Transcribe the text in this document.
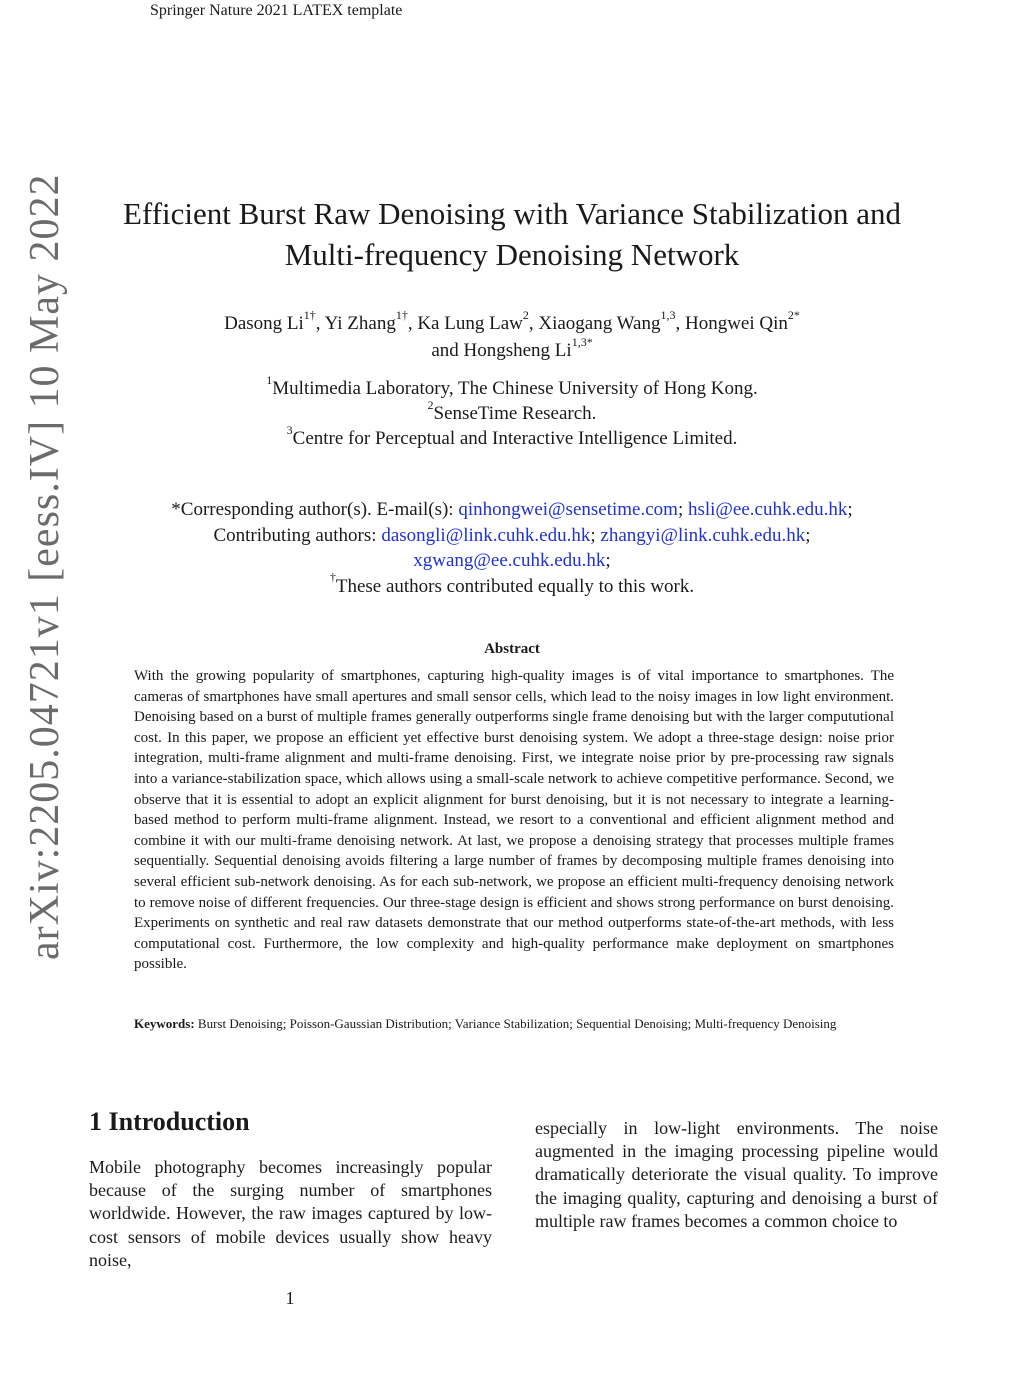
Springer Nature 2021 LATEX template
arXiv:2205.04721v1 [eess.IV] 10 May 2022	Efficient Burst Raw Denoising with Variance Stabilization and
Multi-frequency Denoising Network
Dasong $Li^{1\dagger}$, Yi Zhang$^{1\dagger}$, Ka Lung Law$^2$, Xiaogang Wang$^{1,3}$, Hongwei Qin$^{2*}$
and Hongsheng $Li^{1,3*}$
$^1$Multimedia Laboratory, The Chinese University of Hong Kong.
$^2$SenseTime Research.
$^3$Centre for Perceptual and Interactive Intelligence Limited.
*Corresponding author(s). E-mail(s): qinhongwei@sensetime.com; hsli@ee.cuhk.edu.hk;
Contributing authors: dasongli@link.cuhk.edu.hk; zhangyi@link.cuhk.edu.hk;
xgwang@ee.cuhk.edu.hk;
†These authors contributed equally to this work.
Abstract
With the growing popularity of smartphones, capturing high-quality images is of vital importance to smartphones. The cameras of smartphones have small apertures and small sensor cells, which lead to the noisy images in low light environment. Denoising based on a burst of multiple frames generally outperforms single frame denoising but with the larger compututional cost. In this paper, we propose an efficient yet effective burst denoising system. We adopt a three-stage design: noise prior integration, multi-frame alignment and multi-frame denoising. First, we integrate noise prior by pre-processing raw signals into a variance-stabilization space, which allows using a small-scale network to achieve competitive performance. Second, we observe that it is essential to adopt an explicit alignment for burst denoising, but it is not necessary to integrate a learning-based method to perform multi-frame alignment. Instead, we resort to a conventional and efficient alignment method and combine it with our multi-frame denoising network. At last, we propose a denoising strategy that processes multiple frames sequentially. Sequential denoising avoids filtering a large number of frames by decomposing multiple frames denoising into several efficient sub-network denoising. As for each sub-network, we propose an efficient multi-frequency denoising network to remove noise of different frequencies. Our three-stage design is efficient and shows strong performance on burst denoising. Experiments on synthetic and real raw datasets demonstrate that our method outperforms state-of-the-art methods, with less computational cost. Furthermore, the low complexity and high-quality performance make deployment on smartphones possible.
Keywords: Burst Denoising; Poisson-Gaussian Distribution; Variance Stabilization; Sequential Denoising; Multi-frequency Denoising
1 Introduction
Mobile photography becomes increasingly popular because of the surging number of smartphones worldwide. However, the raw images captured by low-cost sensors of mobile devices usually show heavy noise,
especially in low-light environments. The noise augmented in the imaging processing pipeline would dramatically deteriorate the visual quality. To improve the imaging quality, capturing and denoising a burst of multiple raw frames becomes a common choice to
1
